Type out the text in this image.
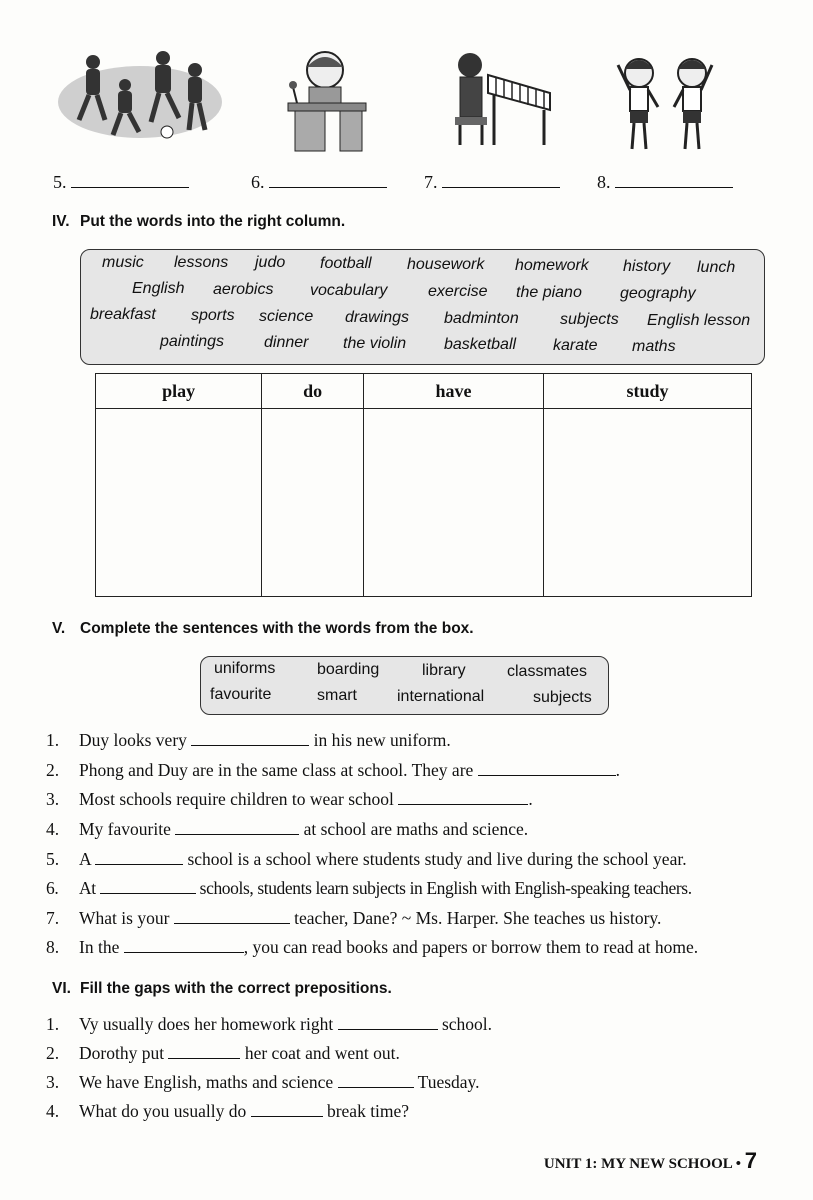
5.	6.	7.	8.
IV. Put the words into the right column.
music lessons judo football housework homework history lunch
English aerobics vocabulary	exercise the piano geography
breakfast sports science drawings badminton	subjects English lesson
paintings dinner the violin basketball karate maths
play	do	have	study

V. Complete the sentences with the words from the box.
uniforms	boarding	library	classmates
favourite	smart	international	subjects
1. Duy looks very	in his new uniform.
2. Phong and Duy are in the same class at school. They are	.
3. Most schools require children to wear school	.
4. My favourite	at school are maths and science.
5. A	school is a school where students study and live during the school year.
6. At	schools, students learn subjects in English with English-speaking teachers.
7. What is your	teacher, Dane? ~ Ms. Harper. She teaches us history.
8. In the	, you can read books and papers or borrow them to read at home.
VI. Fill the gaps with the correct prepositions.
1. Vy usually does her homework right	school.
2. Dorothy put	her coat and went out.
3. We have English, maths and science	Tuesday.
4. What do you usually do	break time?
UNIT 1: MY NEW SCHOOL • 7
